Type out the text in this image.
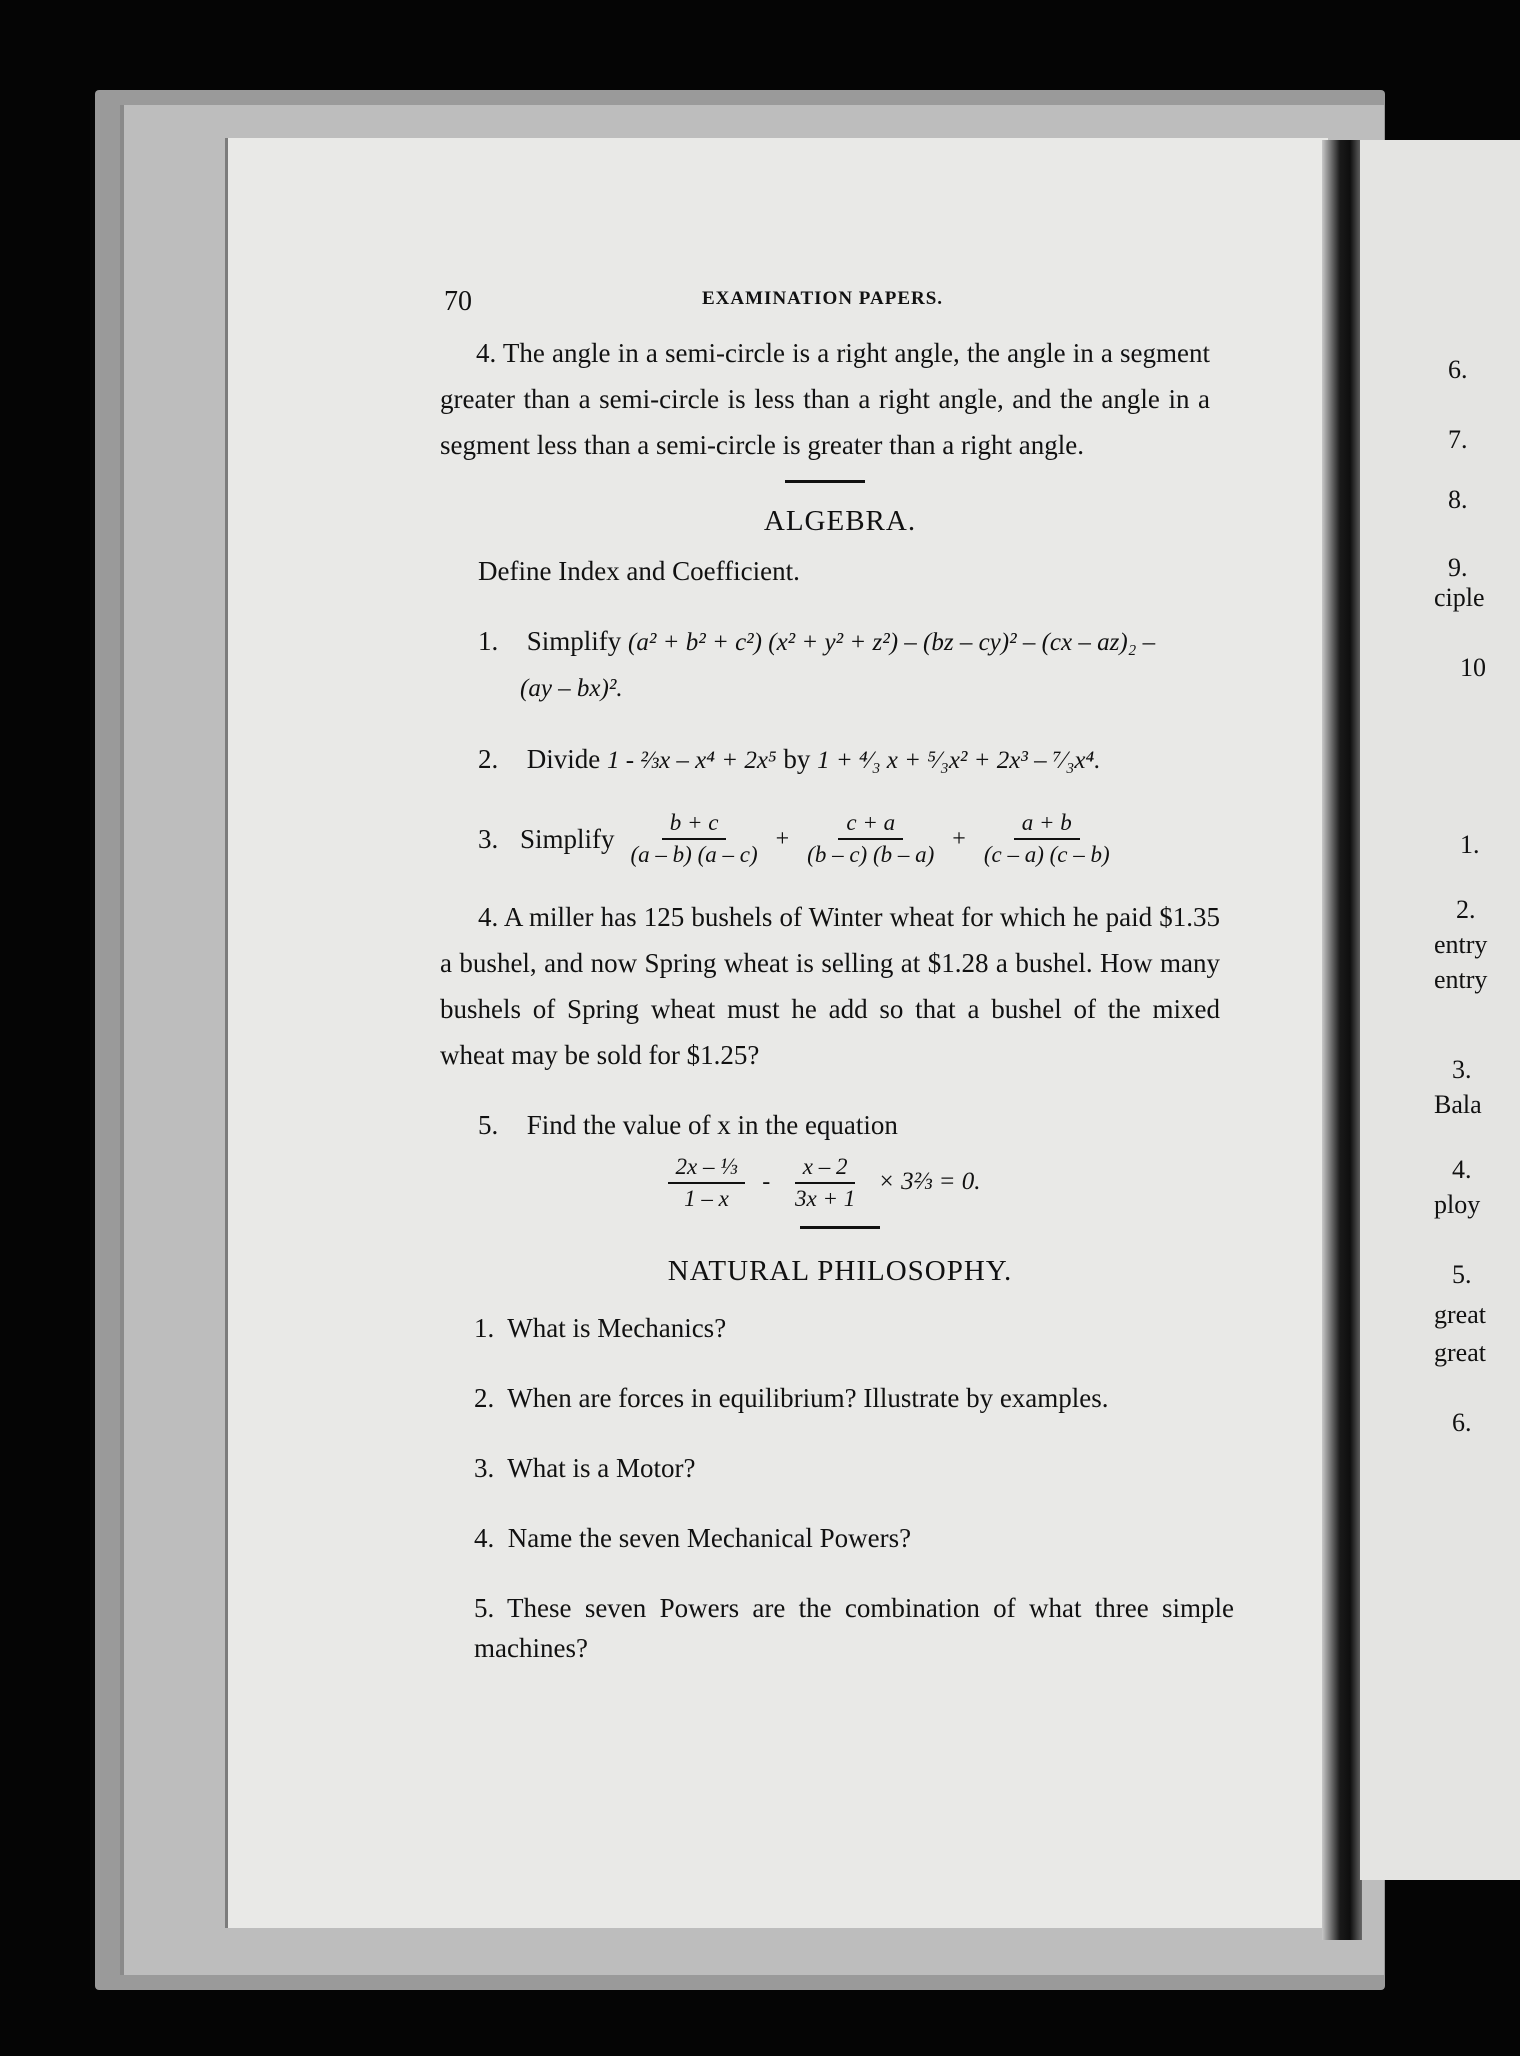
6.
7.
8.
9.
ciple
10
1.
2.
entry
entry
3.
Bala
4.
ploy
5.
great
great
6.
70	EXAMINATION PAPERS.

4. The angle in a semi-circle is a right angle, the angle in a segment greater than a semi-circle is less than a right angle, and the angle in a segment less than a semi-circle is greater than a right angle.

ALGEBRA.

Define Index and Coefficient.

1. Simplify (a² + b² + c²) (x² + y² + z²) – (bz – cy)² – (cx – az)₂ –
(ay – bx)².
2. Divide 1 - ⅔x – x⁴ + 2x⁵ by 1 + ⁴⁄₃ x + ⁵⁄₃x² + 2x³ – ⁷⁄₃x⁴.
3. Simplify $\frac{b + c}{(a - b) (a - c)} + \frac{c + a}{(b - c) (b - a)} + \frac{a + b}{(c - a) (c - b)}$

4. A miller has 125 bushels of Winter wheat for which he paid $1.35 a bushel, and now Spring wheat is selling at $1.28 a bushel. How many bushels of Spring wheat must he add so that a bushel of the mixed wheat may be sold for $1.25?

5. Find the value of x in the equation
$\frac{\text{2x – ⅓}}{1 - x} - \frac{x - 2}{3x + 1}$ × 3⅔ = 0.
NATURAL PHILOSOPHY.

1.  What is Mechanics?

2.  When are forces in equilibrium? Illustrate by examples.

3.  What is a Motor?

4.  Name the seven Mechanical Powers?

5. These seven Powers are the combination of what three simple machines?
